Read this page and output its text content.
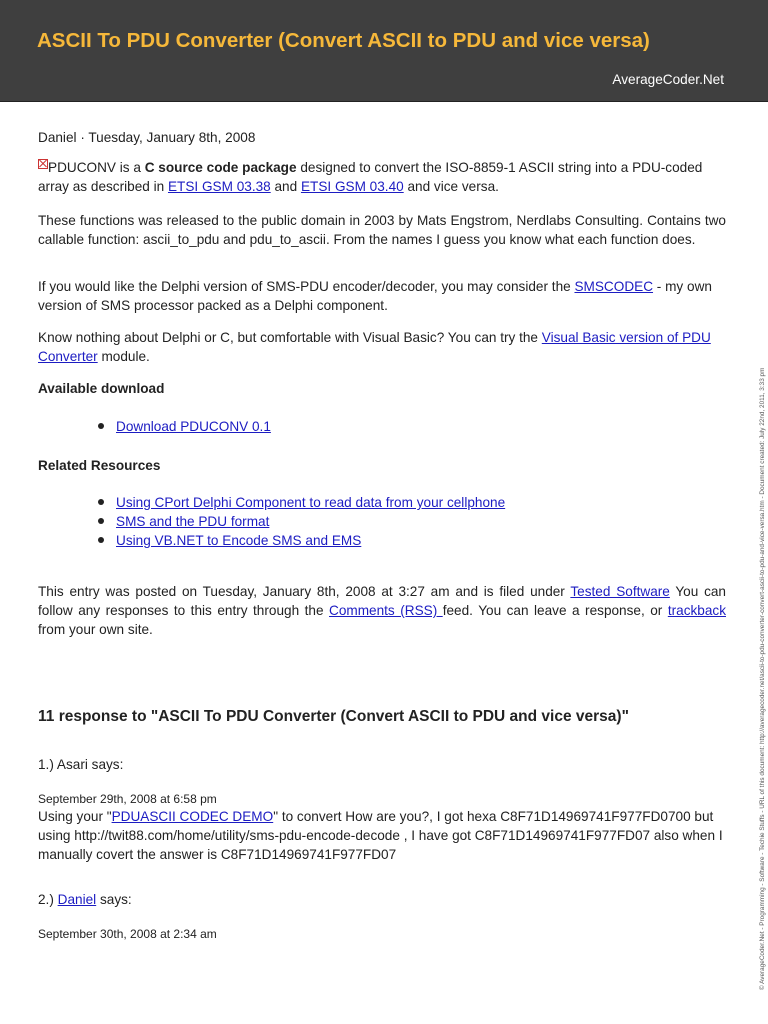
ASCII To PDU Converter (Convert ASCII to PDU and vice versa)
AverageCoder.Net
Daniel · Tuesday, January 8th, 2008

PDUCONV is a C source code package designed to convert the ISO-8859-1 ASCII string into a PDU-coded array as described in ETSI GSM 03.38 and ETSI GSM 03.40 and vice versa.

These functions was released to the public domain in 2003 by Mats Engstrom, Nerdlabs Consulting. Contains two callable function: ascii_to_pdu and pdu_to_ascii. From the names I guess you know what each function does.

If you would like the Delphi version of SMS-PDU encoder/decoder, you may consider the SMSCODEC - my own version of SMS processor packed as a Delphi component.

Know nothing about Delphi or C, but comfortable with Visual Basic? You can try the Visual Basic version of PDU Converter module.

Available download
Download PDUCONV 0.1
Related Resources
Using CPort Delphi Component to read data from your cellphone
SMS and the PDU format
Using VB.NET to Encode SMS and EMS

This entry was posted on Tuesday, January 8th, 2008 at 3:27 am and is filed under Tested Software You can follow any responses to this entry through the Comments (RSS) feed. You can leave a response, or trackback from your own site.

11 response to "ASCII To PDU Converter (Convert ASCII to PDU and vice versa)"
1.) Asari says:
September 29th, 2008 at 6:58 pm

Using your "PDUASCII CODEC DEMO" to convert How are you?, I got hexa C8F71D14969741F977FD0700 but using http://twit88.com/home/utility/sms-pdu-encode-decode , I have got C8F71D14969741F977FD07 also when I manually covert the answer is C8F71D14969741F977FD07

2.) Daniel says:
September 30th, 2008 at 2:34 am	© AverageCoder.Net - Programming - Software - Techie Stuffs - URL of this document: http://averagecoder.net/ascii-to-pdu-converter-convert-ascii-to-pdu-and-vice-versa.htm - Document created: July 22nd, 2011, 3:33 pm
